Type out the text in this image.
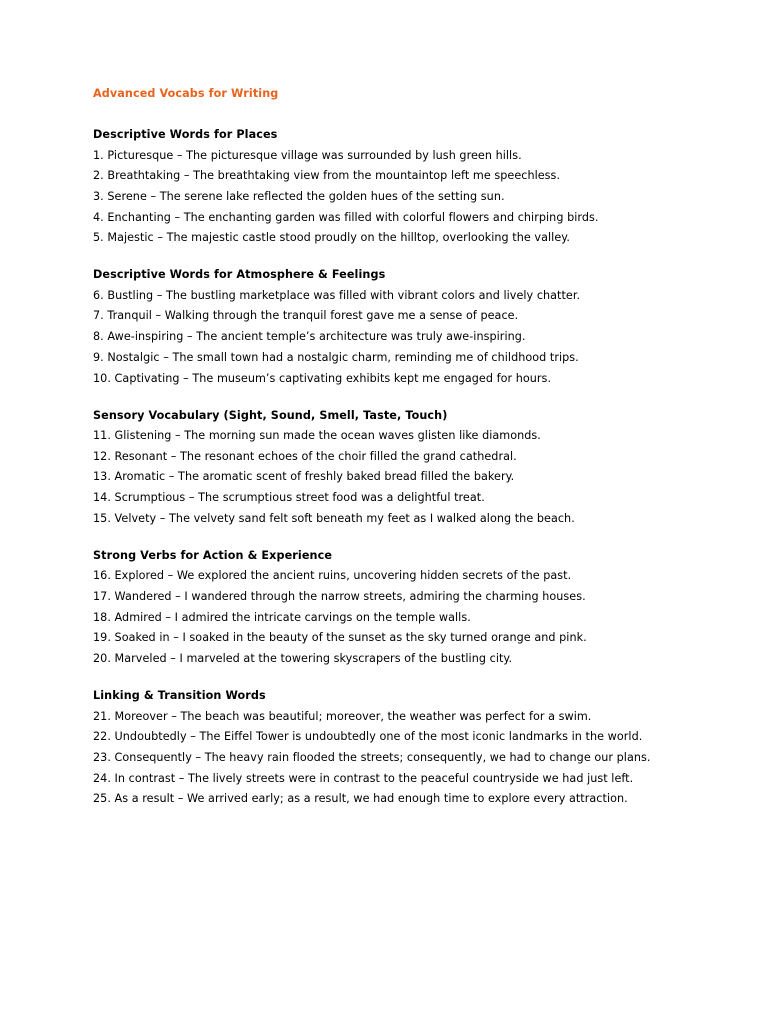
Advanced Vocabs for Writing
Descriptive Words for Places
1. Picturesque – The picturesque village was surrounded by lush green hills.
2. Breathtaking – The breathtaking view from the mountaintop left me speechless.
3. Serene – The serene lake reflected the golden hues of the setting sun.
4. Enchanting – The enchanting garden was filled with colorful flowers and chirping birds.
5. Majestic – The majestic castle stood proudly on the hilltop, overlooking the valley.
Descriptive Words for Atmosphere & Feelings
6. Bustling – The bustling marketplace was filled with vibrant colors and lively chatter.
7. Tranquil – Walking through the tranquil forest gave me a sense of peace.
8. Awe-inspiring – The ancient temple’s architecture was truly awe-inspiring.
9. Nostalgic – The small town had a nostalgic charm, reminding me of childhood trips.
10. Captivating – The museum’s captivating exhibits kept me engaged for hours.
Sensory Vocabulary (Sight, Sound, Smell, Taste, Touch)
11. Glistening – The morning sun made the ocean waves glisten like diamonds.
12. Resonant – The resonant echoes of the choir filled the grand cathedral.
13. Aromatic – The aromatic scent of freshly baked bread filled the bakery.
14. Scrumptious – The scrumptious street food was a delightful treat.
15. Velvety – The velvety sand felt soft beneath my feet as I walked along the beach.
Strong Verbs for Action & Experience
16. Explored – We explored the ancient ruins, uncovering hidden secrets of the past.
17. Wandered – I wandered through the narrow streets, admiring the charming houses.
18. Admired – I admired the intricate carvings on the temple walls.
19. Soaked in – I soaked in the beauty of the sunset as the sky turned orange and pink.
20. Marveled – I marveled at the towering skyscrapers of the bustling city.
Linking & Transition Words
21. Moreover – The beach was beautiful; moreover, the weather was perfect for a swim.
22. Undoubtedly – The Eiffel Tower is undoubtedly one of the most iconic landmarks in the world.
23. Consequently – The heavy rain flooded the streets; consequently, we had to change our plans.
24. In contrast – The lively streets were in contrast to the peaceful countryside we had just left.
25. As a result – We arrived early; as a result, we had enough time to explore every attraction.
